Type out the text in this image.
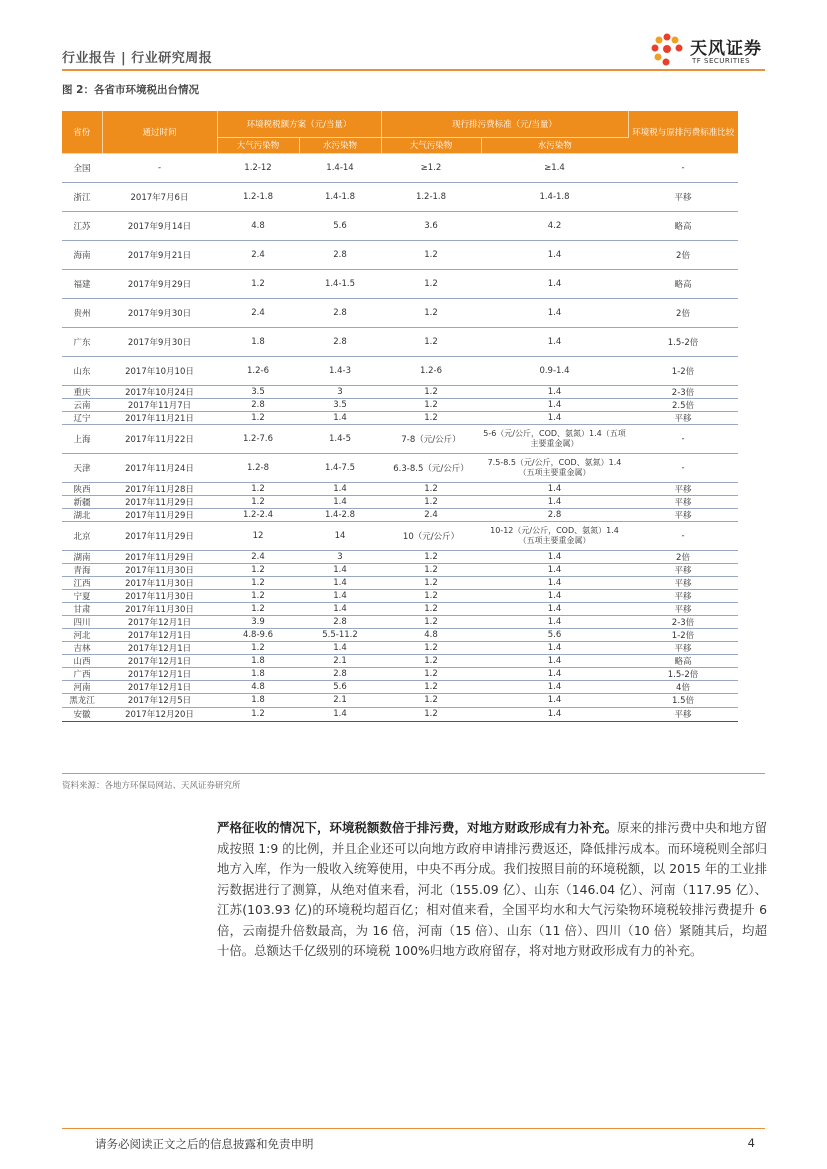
行业报告 | 行业研究周报	天风证券
TF SECURITIES
图 2：各省市环境税出台情况
省份	通过时间	环境税税额方案（元/当量）		现行排污费标准（元/当量）		环境税与原排污费标准比较
		大气污染物	水污染物	大气污染物	水污染物	
全国	-	1.2-12	1.4-14	≥1.2	≥1.4	-
浙江	2017年7月6日	1.2-1.8	1.4-1.8	1.2-1.8	1.4-1.8	平移
江苏	2017年9月14日	4.8	5.6	3.6	4.2	略高
海南	2017年9月21日	2.4	2.8	1.2	1.4	2倍
福建	2017年9月29日	1.2	1.4-1.5	1.2	1.4	略高
贵州	2017年9月30日	2.4	2.8	1.2	1.4	2倍
广东	2017年9月30日	1.8	2.8	1.2	1.4	1.5-2倍
山东	2017年10月10日	1.2-6	1.4-3	1.2-6	0.9-1.4	1-2倍
重庆	2017年10月24日	3.5	3	1.2	1.4	2-3倍
云南	2017年11月7日	2.8	3.5	1.2	1.4	2.5倍
辽宁	2017年11月21日	1.2	1.4	1.2	1.4	平移
上海	2017年11月22日	1.2-7.6	1.4-5	7-8（元/公斤）	5-6（元/公斤，COD、氨氮）1.4（五项主要重金属）	-
天津	2017年11月24日	1.2-8	1.4-7.5	6.3-8.5（元/公斤）	7.5-8.5（元/公斤，COD、氨氮）1.4（五项主要重金属）	-
陕西	2017年11月28日	1.2	1.4	1.2	1.4	平移
新疆	2017年11月29日	1.2	1.4	1.2	1.4	平移
湖北	2017年11月29日	1.2-2.4	1.4-2.8	2.4	2.8	平移
北京	2017年11月29日	12	14	10（元/公斤）	10-12（元/公斤，COD、氨氮）1.4（五项主要重金属）	-
湖南	2017年11月29日	2.4	3	1.2	1.4	2倍
青海	2017年11月30日	1.2	1.4	1.2	1.4	平移
江西	2017年11月30日	1.2	1.4	1.2	1.4	平移
宁夏	2017年11月30日	1.2	1.4	1.2	1.4	平移
甘肃	2017年11月30日	1.2	1.4	1.2	1.4	平移
四川	2017年12月1日	3.9	2.8	1.2	1.4	2-3倍
河北	2017年12月1日	4.8-9.6	5.5-11.2	4.8	5.6	1-2倍
吉林	2017年12月1日	1.2	1.4	1.2	1.4	平移
山西	2017年12月1日	1.8	2.1	1.2	1.4	略高
广西	2017年12月1日	1.8	2.8	1.2	1.4	1.5-2倍
河南	2017年12月1日	4.8	5.6	1.2	1.4	4倍
黑龙江	2017年12月5日	1.8	2.1	1.2	1.4	1.5倍
安徽	2017年12月20日	1.2	1.4	1.2	1.4	平移
资料来源：各地方环保局网站、天风证券研究所
严格征收的情况下，环境税额数倍于排污费，对地方财政形成有力补充。原来的排污费中央和地方留成按照 1:9 的比例，并且企业还可以向地方政府申请排污费返还，降低排污成本。而环境税则全部归地方入库，作为一般收入统筹使用，中央不再分成。我们按照目前的环境税额，以 2015 年的工业排污数据进行了测算，从绝对值来看，河北（155.09 亿）、山东（146.04 亿）、河南（117.95 亿）、江苏(103.93 亿)的环境税均超百亿；相对值来看，全国平均水和大气污染物环境税较排污费提升 6 倍，云南提升倍数最高，为 16 倍，河南（15 倍）、山东（11 倍）、四川（10 倍）紧随其后，均超十倍。总额达千亿级别的环境税 100%归地方政府留存，将对地方财政形成有力的补充。
请务必阅读正文之后的信息披露和免责申明	4
